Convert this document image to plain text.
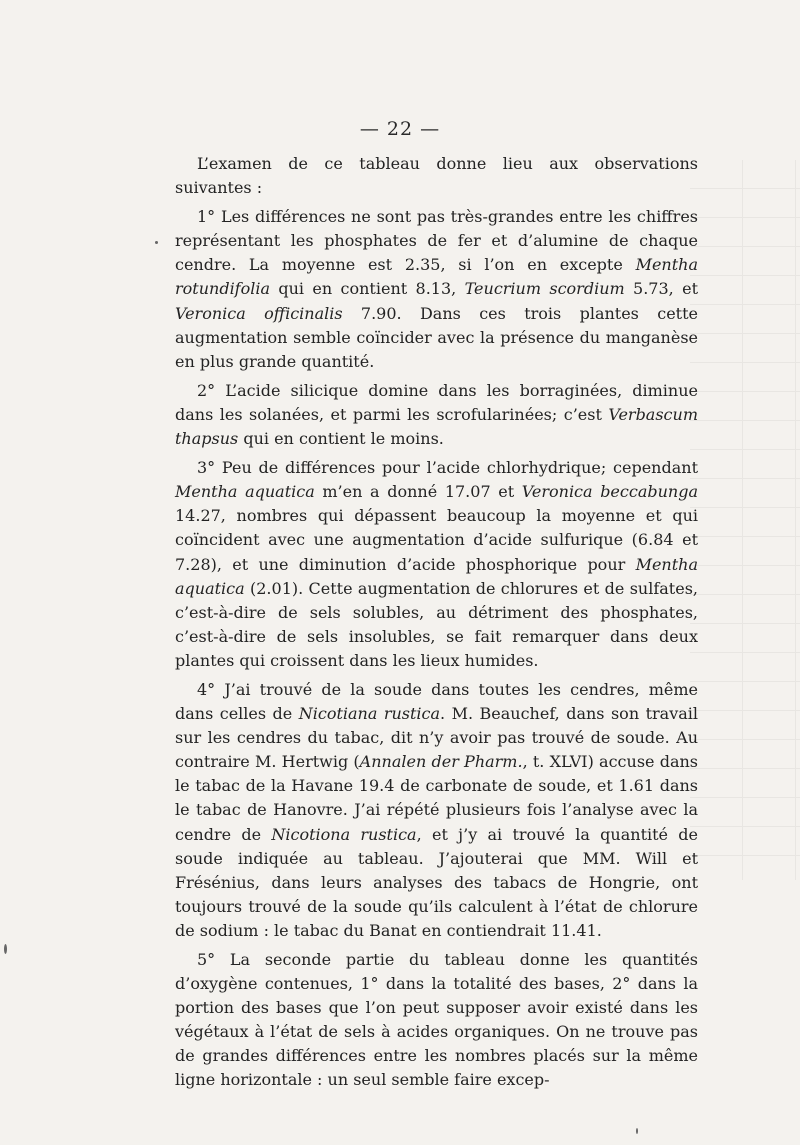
— 22 —

L’examen de ce tableau donne lieu aux observations suivantes :

1° Les différences ne sont pas très-grandes entre les chiffres représentant les phosphates de fer et d’alumine de chaque cendre. La moyenne est 2.35, si l’on en excepte Mentha rotundifolia qui en contient 8.13, Teucrium scordium 5.73, et Veronica officinalis 7.90. Dans ces trois plantes cette augmentation semble coïncider avec la présence du manganèse en plus grande quantité.

2° L’acide silicique domine dans les borraginées, diminue dans les solanées, et parmi les scrofularinées; c’est Verbascum thapsus qui en contient le moins.

3° Peu de différences pour l’acide chlorhydrique; cependant Mentha aquatica m’en a donné 17.07 et Veronica beccabunga 14.27, nombres qui dépassent beaucoup la moyenne et qui coïncident avec une augmentation d’acide sulfurique (6.84 et 7.28), et une diminution d’acide phosphorique pour Mentha aquatica (2.01). Cette augmentation de chlorures et de sulfates, c’est-à-dire de sels solubles, au détriment des phosphates, c’est-à-dire de sels insolubles, se fait remarquer dans deux plantes qui croissent dans les lieux humides.

4° J’ai trouvé de la soude dans toutes les cendres, même dans celles de Nicotiana rustica. M. Beauchef, dans son travail sur les cendres du tabac, dit n’y avoir pas trouvé de soude. Au contraire M. Hertwig (Annalen der Pharm., t. XLVI) accuse dans le tabac de la Havane 19.4 de carbonate de soude, et 1.61 dans le tabac de Hanovre. J’ai répété plusieurs fois l’analyse avec la cendre de Nicotiona rustica, et j’y ai trouvé la quantité de soude indiquée au tableau. J’ajouterai que MM. Will et Frésénius, dans leurs analyses des tabacs de Hongrie, ont toujours trouvé de la soude qu’ils calculent à l’état de chlorure de sodium : le tabac du Banat en contiendrait 11.41.

5° La seconde partie du tableau donne les quantités d’oxygène contenues, 1° dans la totalité des bases, 2° dans la portion des bases que l’on peut supposer avoir existé dans les végétaux à l’état de sels à acides organiques. On ne trouve pas de grandes différences entre les nombres placés sur la même ligne horizontale : un seul semble faire excep-
